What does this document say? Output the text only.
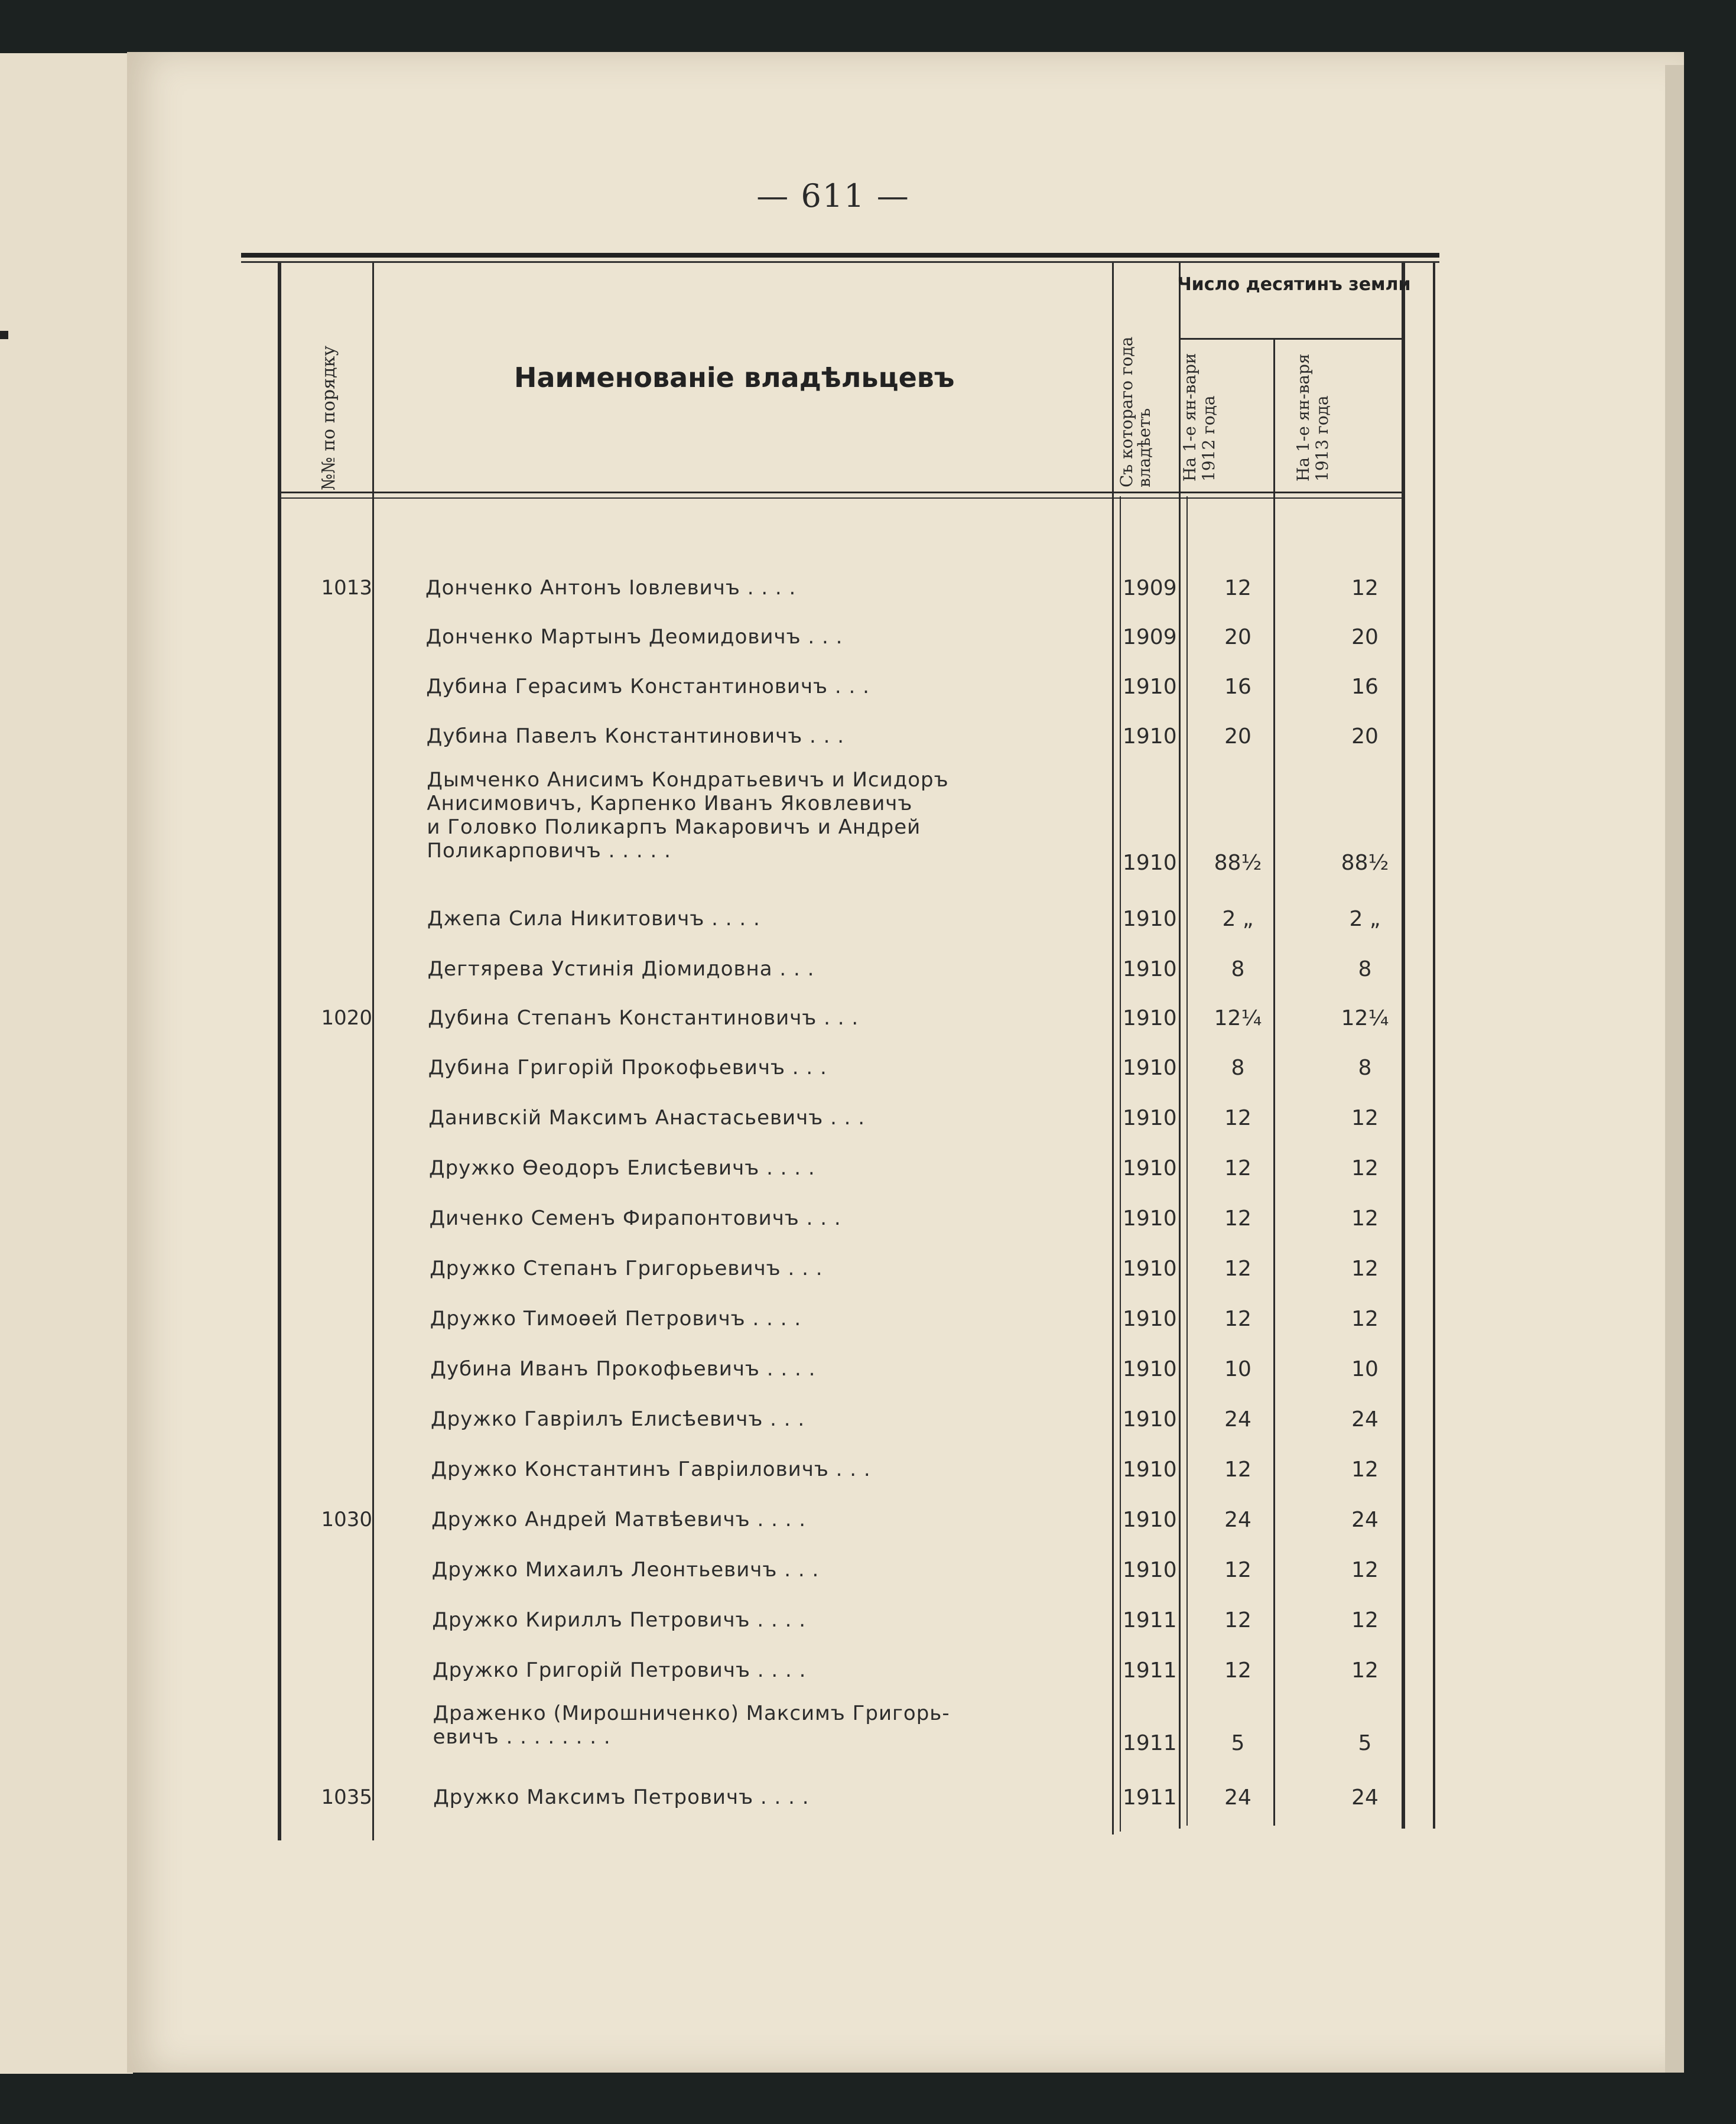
— 611 —
№№ по порядку	Наименованіе владѣльцевъ	Съ котораго года владѣетъ
Число десятинъ земли
На 1-е ян-вари 1912 года	На 1-е ян-варя 1913 года
1013	Донченко Антонъ Іовлевичъ . . . .	1909	12	12
Донченко Мартынъ Деомидовичъ . . .	1909	20	20
Дубина Герасимъ Константиновичъ . . .	1910	16	16
Дубина Павелъ Константиновичъ . . .	1910	20	20
Дымченко Анисимъ Кондратьевичъ и Исидоръ
Анисимовичъ, Карпенко Иванъ Яковлевичъ
и Головко Поликарпъ Макаровичъ и Андрей
Поликарповичъ . . . . .	1910	88½	88½
Джепа Сила Никитовичъ . . . .	1910	2 „	2 „
Дегтярева Устинія Діомидовна . . .	1910	8	8
1020	Дубина Степанъ Константиновичъ . . .	1910	12¼	12¼
Дубина Григорій Прокофьевичъ . . .	1910	8	8
Данивскій Максимъ Анастасьевичъ . . .	1910	12	12
Дружко Ѳеодоръ Елисѣевичъ . . . .	1910	12	12
Диченко Семенъ Фирапонтовичъ . . .	1910	12	12
Дружко Степанъ Григорьевичъ . . .	1910	12	12
Дружко Тимоѳей Петровичъ . . . .	1910	12	12
Дубина Иванъ Прокофьевичъ . . . .	1910	10	10
Дружко Гавріилъ Елисѣевичъ . . .	1910	24	24
Дружко Константинъ Гавріиловичъ . . .	1910	12	12
1030	Дружко Андрей Матвѣевичъ . . . .	1910	24	24
Дружко Михаилъ Леонтьевичъ . . .	1910	12	12
Дружко Кириллъ Петровичъ . . . .	1911	12	12
Дружко Григорій Петровичъ . . . .	1911	12	12
Драженко (Мирошниченко) Максимъ Григорь-
евичъ . . . . . . . .	1911	5	5
1035	Дружко Максимъ Петровичъ . . . .	1911	24	24
